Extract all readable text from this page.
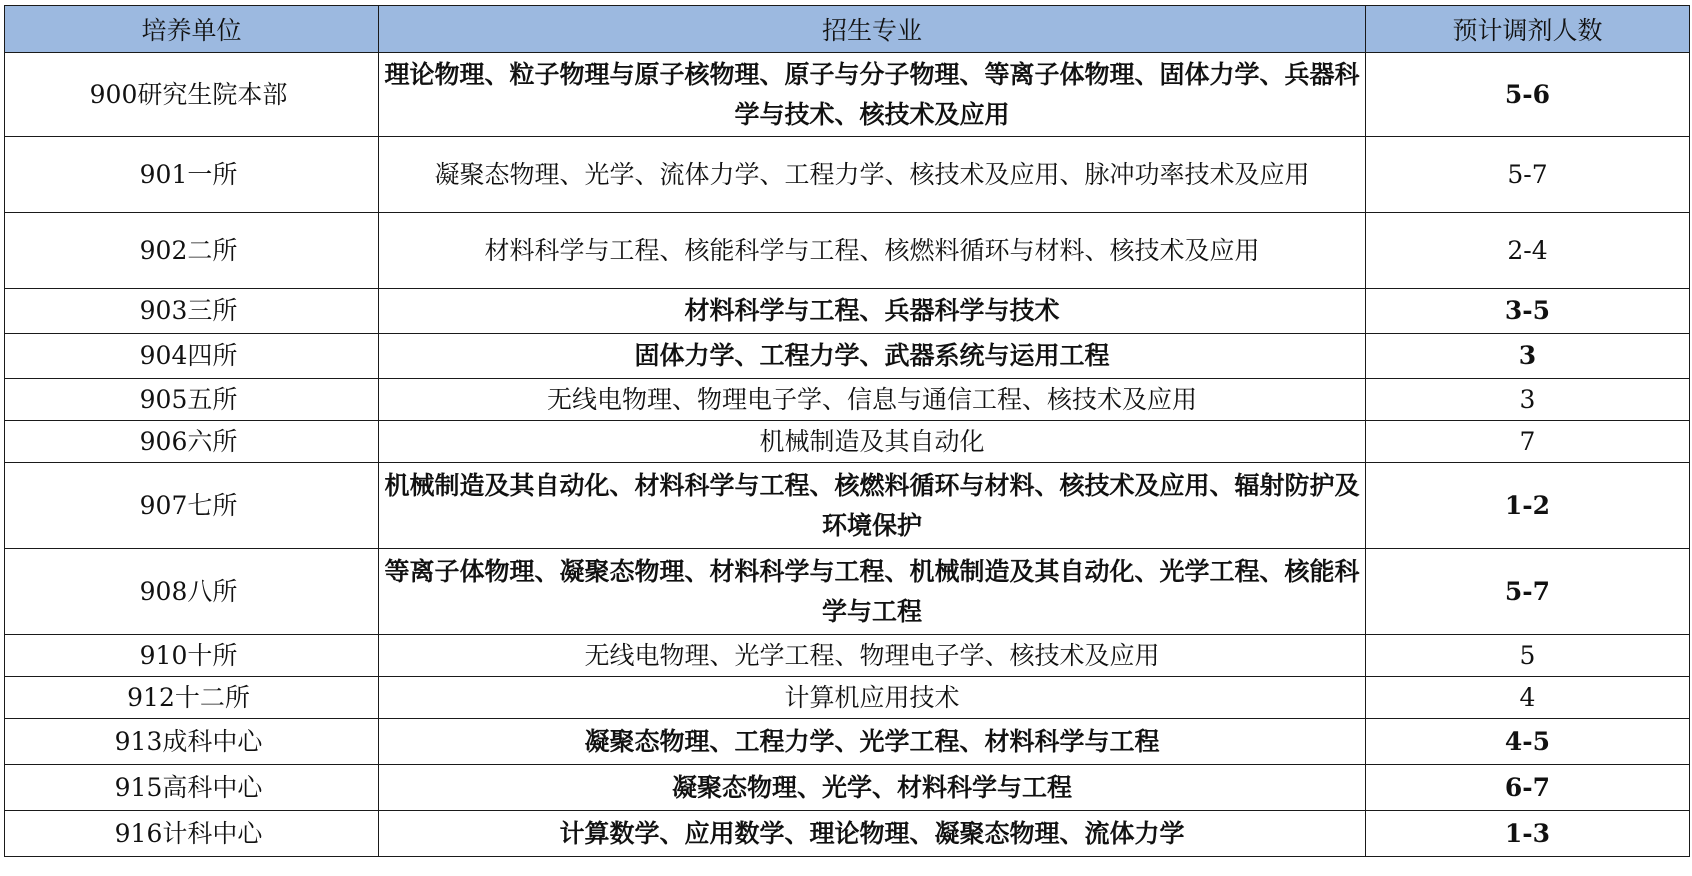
培养单位	招生专业	预计调剂人数
900研究生院本部	理论物理、粒子物理与原子核物理、原子与分子物理、等离子体物理、固体力学、兵器科学与技术、核技术及应用	5-6
901一所	凝聚态物理、光学、流体力学、工程力学、核技术及应用、脉冲功率技术及应用	5-7
902二所	材料科学与工程、核能科学与工程、核燃料循环与材料、核技术及应用	2-4
903三所	材料科学与工程、兵器科学与技术	3-5
904四所	固体力学、工程力学、武器系统与运用工程	3
905五所	无线电物理、物理电子学、信息与通信工程、核技术及应用	3
906六所	机械制造及其自动化	7
907七所	机械制造及其自动化、材料科学与工程、核燃料循环与材料、核技术及应用、辐射防护及环境保护	1-2
908八所	等离子体物理、凝聚态物理、材料科学与工程、机械制造及其自动化、光学工程、核能科学与工程	5-7
910十所	无线电物理、光学工程、物理电子学、核技术及应用	5
912十二所	计算机应用技术	4
913成科中心	凝聚态物理、工程力学、光学工程、材料科学与工程	4-5
915高科中心	凝聚态物理、光学、材料科学与工程	6-7
916计科中心	计算数学、应用数学、理论物理、凝聚态物理、流体力学	1-3
